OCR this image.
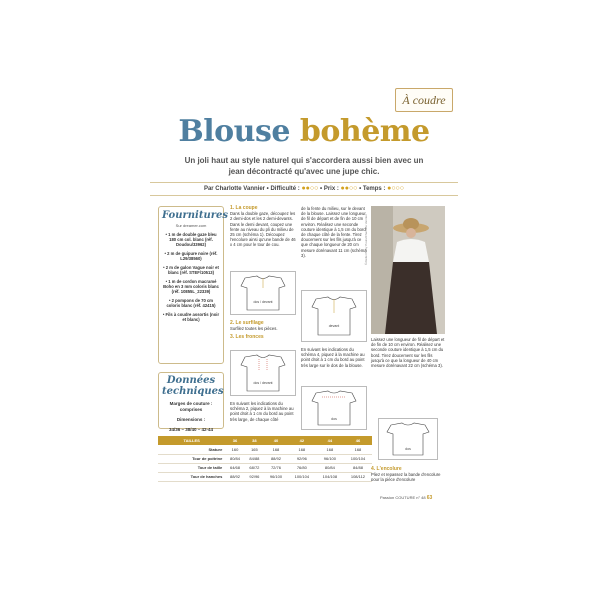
À coudre
Blouse bohème
Un joli haut au style naturel qui s'accordera aussi bien avec un jean décontracté qu'avec une jupe chic.
Par Charlotte Vannier • Difficulté : ●●○○ • Prix : ●●○○ • Temps : ●○○○
Fournitures
Sur dreamer.com
• 1 m de double gaze bleu 180 cm col. blanc (réf. Doudou/33962)
• 2 m de guipure noire (réf. L29/38560)
• 2 m de galon Vague noir et blanc (réf. STEF/10513)
• 1 m de cordon macramé Boho en 3 mm coloris blanc (réf. 10855L_22339)
• 2 pompons de 70 cm coloris blanc (réf. 42415)
• Fils à coudre assortis (noir et blanc)
Données techniques
Marges de couture : comprises
Dimensions :
34/36 – 38/40 – 42-44
1. La coupe
Dans la double gaze, découpez les 2 demi-dos et les 2 demi-devants. Dans le demi devant, coupez une fente au niveau du pli du milieu de 25 cm (schéma 1). Découpez l'encolure ainsi qu'une bande de 46 x 4 cm pour le tour de cou.
dos / devant
2. Le surfilage
Surfilez toutes les pièces.
3. Les fronces
dos / devant
En suivant les indications du schéma 2, piquez à la machine au point droit à 1 cm du bord au point très large, de chaque côté
de la fente du milieu, sur le devant de la blouse. Laissez une longueur de fil de départ et de fin de 10 cm environ. Réalisez une seconde couture identique à 1,5 cm du bord de chaque côté de la fente. Tirez doucement sur les fils jusqu'à ce que chaque longueur de 20 cm mesure dorénavant 11 cm (schéma 3).
devant
En suivant les indications du schéma 4, piquez à la machine au point droit à 1 cm du bord au point très large sur le dos de la blouse.
dos
©Atelier Baby Pouts/Charlotte Vannier
Laissez une longueur de fil de départ et de fin de 10 cm environ. Réalisez une seconde couture identique à 1,5 cm du bord. Tirez doucement sur les fils jusqu'à ce que la longueur de 40 cm mesure dorénavant 22 cm (schéma 3).
dos
4. L'encolure
Pliez et repassez la bande d'encolure pour la pièce d'encolure
TAILLES	36	38	40	42	44	46
Stature	160	165	168	168	168	168
Tour de poitrine	80/84	84/88	88/92	92/96	96/100	100/104
Tour de taille	64/68	68/72	72/76	76/80	80/84	84/88
Tour de hanches	88/92	92/96	96/100	100/104	104/108	108/112
Passion COUTURE n° 48 63
